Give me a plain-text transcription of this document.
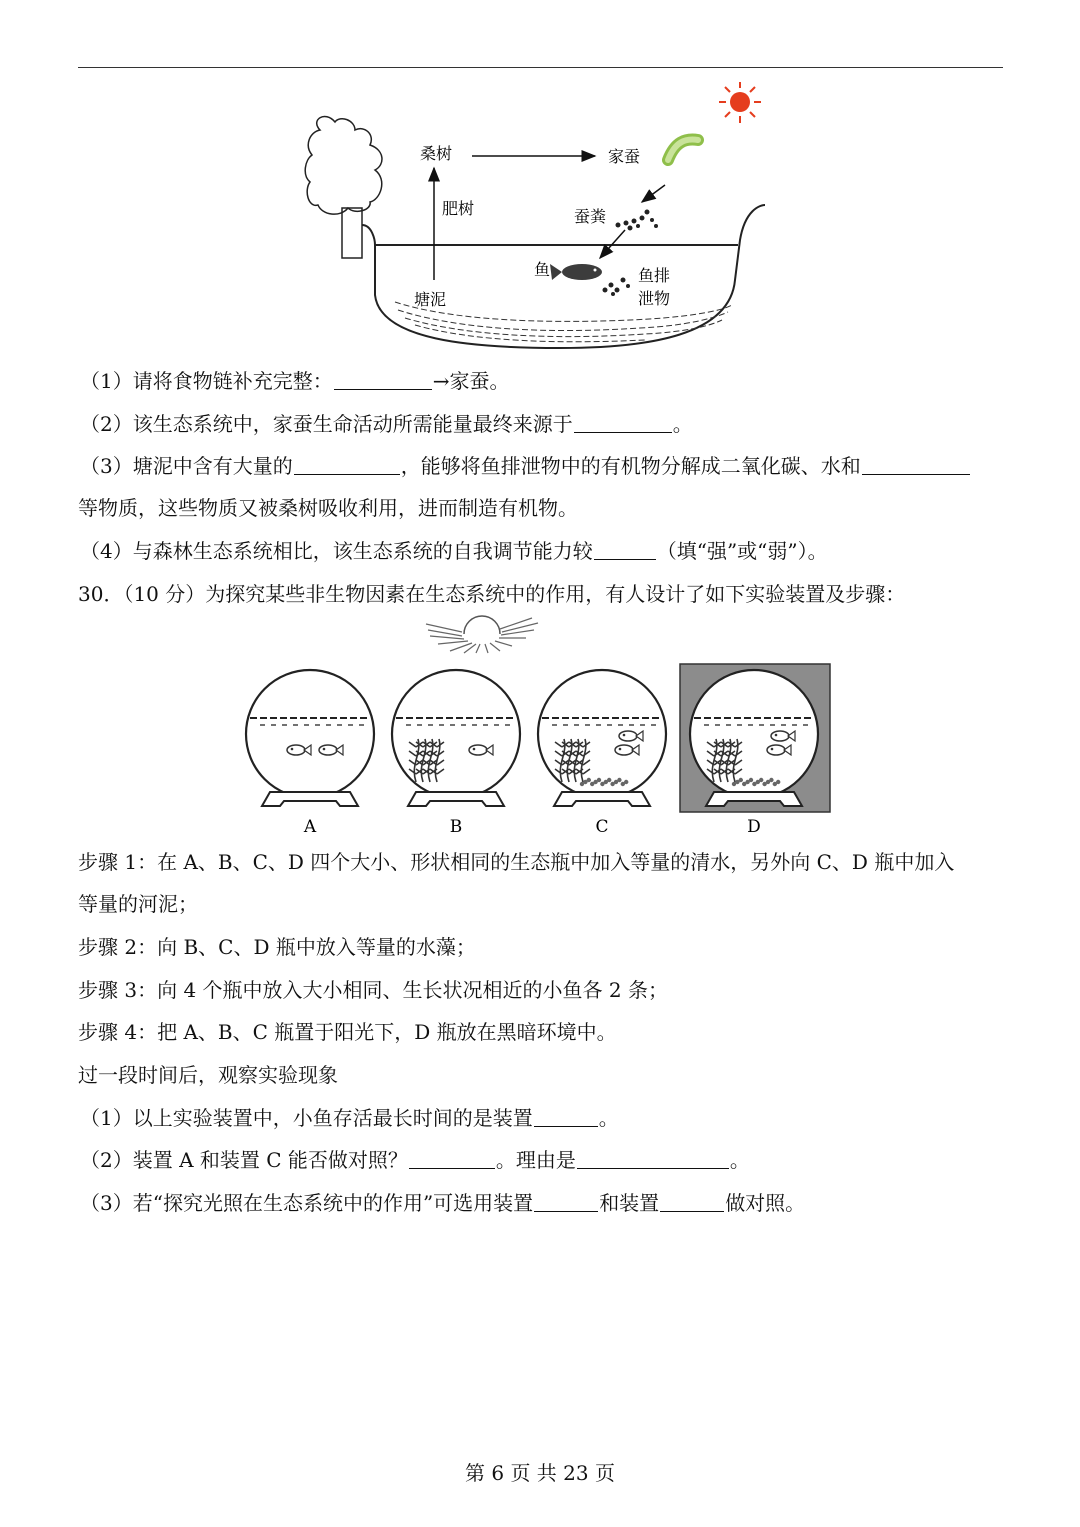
桑树	家蚕
肥树	蚕粪
鱼	鱼排
泄物
塘泥
（1）请将食物链补充完整：	→家蚕。
（2）该生态系统中，家蚕生命活动所需能量最终来源于	。
（3）塘泥中含有大量的	，能够将鱼排泄物中的有机物分解成二氧化碳、水和
等物质，这些物质又被桑树吸收利用，进而制造有机物。
（4）与森林生态系统相比，该生态系统的自我调节能力较	（填“强”或“弱”）。
30．（10 分）为探究某些非生物因素在生态系统中的作用，有人设计了如下实验装置及步骤：
A	B	C	D
步骤 1：在 A、B、C、D 四个大小、形状相同的生态瓶中加入等量的清水，另外向 C、D 瓶中加入
等量的河泥；
步骤 2：向 B、C、D 瓶中放入等量的水藻；
步骤 3：向 4 个瓶中放入大小相同、生长状况相近的小鱼各 2 条；
步骤 4：把 A、B、C 瓶置于阳光下，D 瓶放在黑暗环境中。
过一段时间后，观察实验现象
（1）以上实验装置中，小鱼存活最长时间的是装置	。
（2）装置 A 和装置 C 能否做对照？	。理由是	。
（3）若“探究光照在生态系统中的作用”可选用装置	和装置	做对照。
第 6 页 共 23 页
